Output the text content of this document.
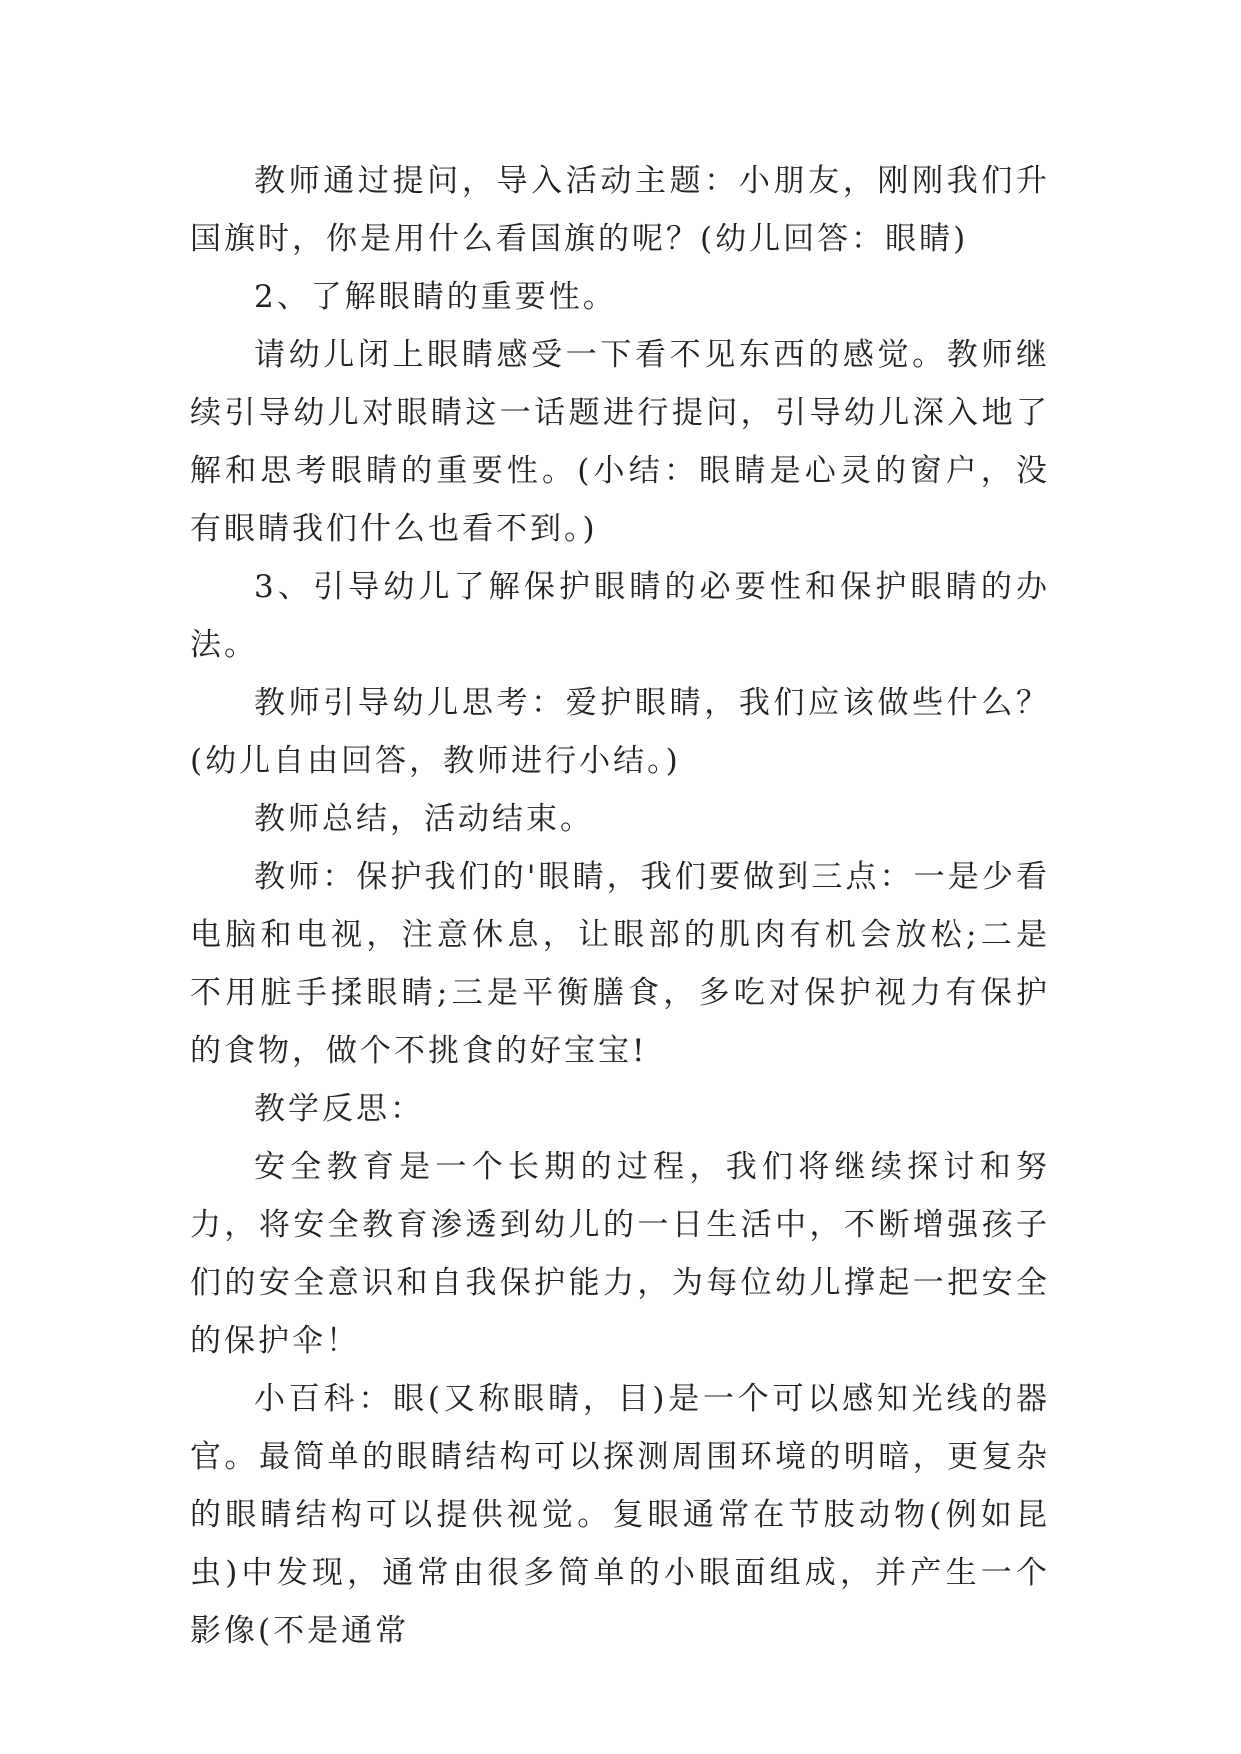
教师通过提问，导入活动主题：小朋友，刚刚我们升国旗时，你是用什么看国旗的呢？(幼儿回答：眼睛)

2、了解眼睛的重要性。

请幼儿闭上眼睛感受一下看不见东西的感觉。教师继续引导幼儿对眼睛这一话题进行提问，引导幼儿深入地了解和思考眼睛的重要性。(小结：眼睛是心灵的窗户，没有眼睛我们什么也看不到。)

3、引导幼儿了解保护眼睛的必要性和保护眼睛的办法。

教师引导幼儿思考：爱护眼睛，我们应该做些什么？(幼儿自由回答，教师进行小结。)

教师总结，活动结束。

教师：保护我们的'眼睛，我们要做到三点：一是少看电脑和电视，注意休息，让眼部的肌肉有机会放松;二是不用脏手揉眼睛;三是平衡膳食，多吃对保护视力有保护的食物，做个不挑食的好宝宝!

教学反思：

安全教育是一个长期的过程，我们将继续探讨和努力，将安全教育渗透到幼儿的一日生活中，不断增强孩子们的安全意识和自我保护能力，为每位幼儿撑起一把安全的保护伞！

小百科：眼(又称眼睛，目)是一个可以感知光线的器官。最简单的眼睛结构可以探测周围环境的明暗，更复杂的眼睛结构可以提供视觉。复眼通常在节肢动物(例如昆虫)中发现，通常由很多简单的小眼面组成，并产生一个影像(不是通常
